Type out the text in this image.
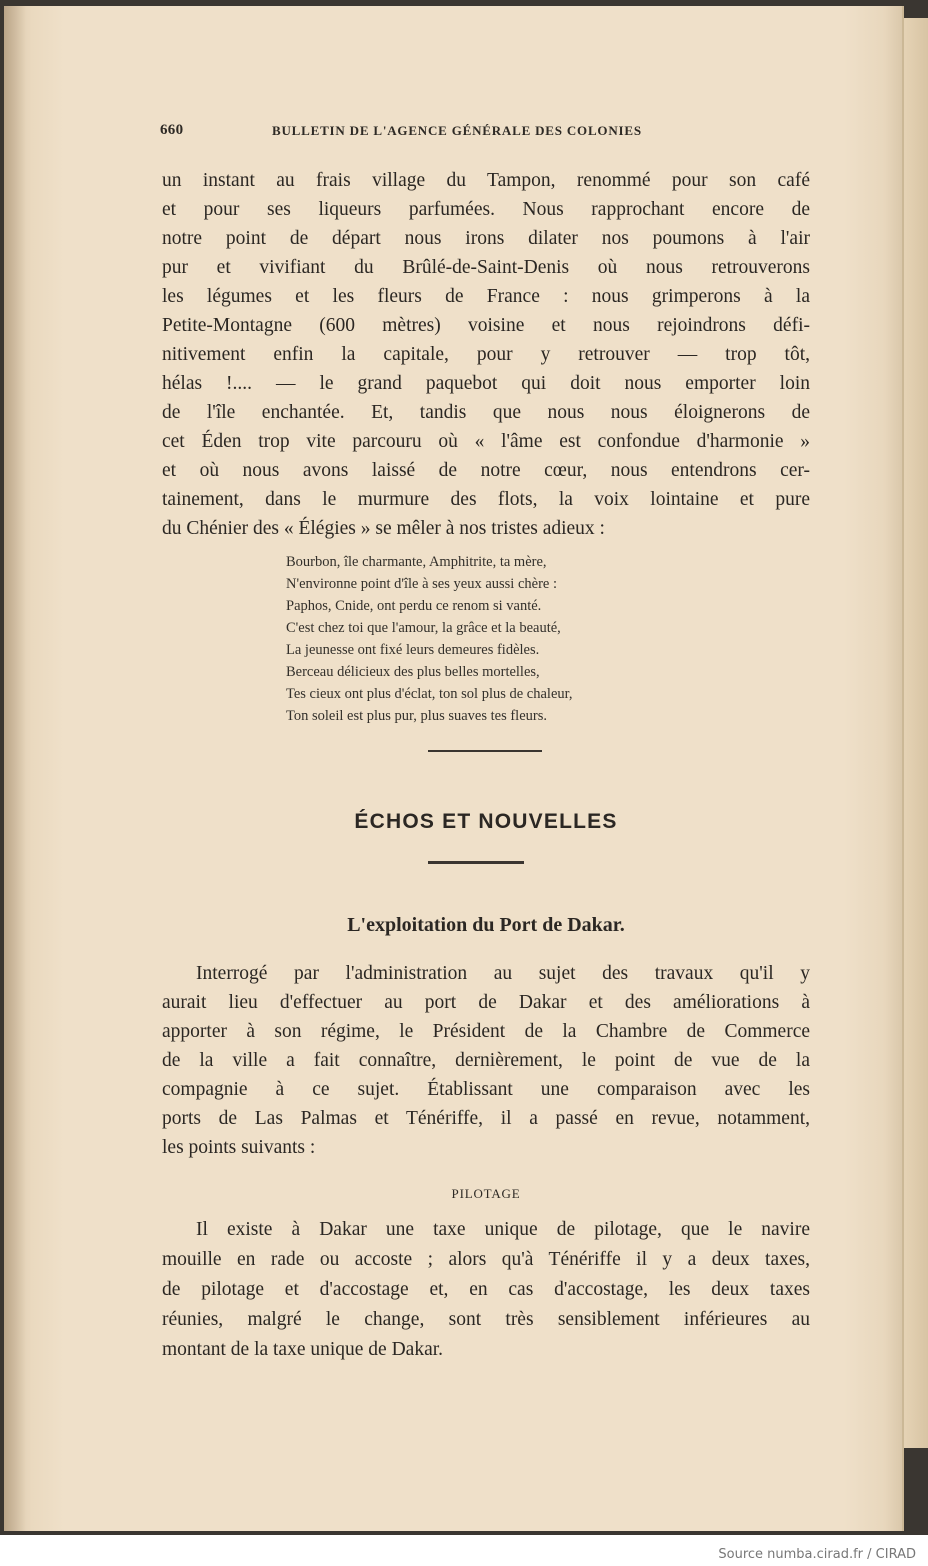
660	BULLETIN DE L'AGENCE GÉNÉRALE DES COLONIES
un instant au frais village du Tampon, renommé pour son café
et pour ses liqueurs parfumées. Nous rapprochant encore de
notre point de départ nous irons dilater nos poumons à l'air
pur et vivifiant du Brûlé-de-Saint-Denis où nous retrouverons
les légumes et les fleurs de France : nous grimperons à la
Petite-Montagne (600 mètres) voisine et nous rejoindrons défi-
nitivement enfin la capitale, pour y retrouver — trop tôt,
hélas !.... — le grand paquebot qui doit nous emporter loin
de l'île enchantée. Et, tandis que nous nous éloignerons de
cet Éden trop vite parcouru où « l'âme est confondue d'harmonie »
et où nous avons laissé de notre cœur, nous entendrons cer-
tainement, dans le murmure des flots, la voix lointaine et pure
du Chénier des « Élégies » se mêler à nos tristes adieux :
Bourbon, île charmante, Amphitrite, ta mère,
N'environne point d'île à ses yeux aussi chère :
Paphos, Cnide, ont perdu ce renom si vanté.
C'est chez toi que l'amour, la grâce et la beauté,
La jeunesse ont fixé leurs demeures fidèles.
Berceau délicieux des plus belles mortelles,
Tes cieux ont plus d'éclat, ton sol plus de chaleur,
Ton soleil est plus pur, plus suaves tes fleurs.
ÉCHOS ET NOUVELLES
L'exploitation du Port de Dakar.
Interrogé par l'administration au sujet des travaux qu'il y
aurait lieu d'effectuer au port de Dakar et des améliorations à
apporter à son régime, le Président de la Chambre de Commerce
de la ville a fait connaître, dernièrement, le point de vue de la
compagnie à ce sujet. Établissant une comparaison avec les
ports de Las Palmas et Ténériffe, il a passé en revue, notamment,
les points suivants :
PILOTAGE
Il existe à Dakar une taxe unique de pilotage, que le navire
mouille en rade ou accoste ; alors qu'à Ténériffe il y a deux taxes,
de pilotage et d'accostage et, en cas d'accostage, les deux taxes
réunies, malgré le change, sont très sensiblement inférieures au
montant de la taxe unique de Dakar.
Source numba.cirad.fr / CIRAD
